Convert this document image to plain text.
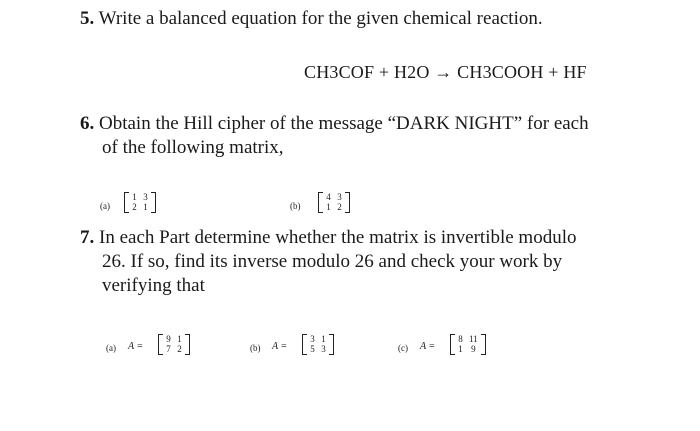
5. Write a balanced equation for the given chemical reaction.
CH3COF + H2O → CH3COOH + HF
6. Obtain the Hill cipher of the message “DARK NIGHT” for each
of the following matrix,
(a)
1 3
2 1	(b)
4 3
1 2
7. In each Part determine whether the matrix is invertible modulo
26. If so, find its inverse modulo 26 and check your work by
verifying that
(a) A =
9 1
7 2	(b) A =
3 1
5 3	(c) A =
8 11
1 9
